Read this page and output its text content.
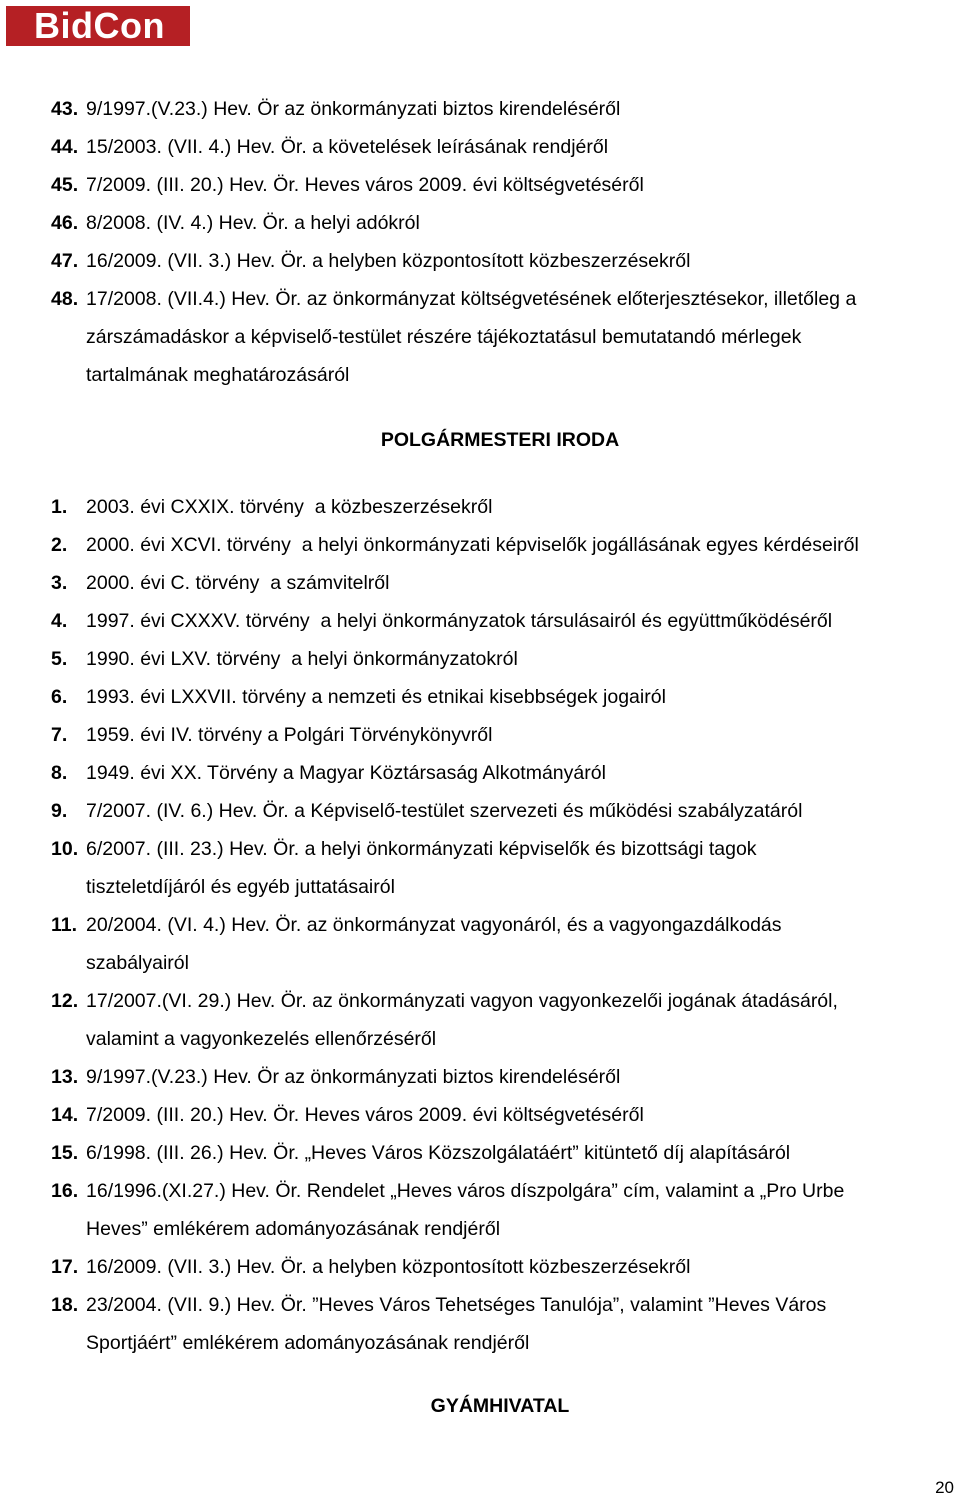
BidCon
43. 9/1997.(V.23.) Hev. Ör az önkormányzati biztos kirendeléséről
44. 15/2003. (VII. 4.) Hev. Ör. a követelések leírásának rendjéről
45. 7/2009. (III. 20.) Hev. Ör. Heves város 2009. évi költségvetéséről
46. 8/2008. (IV. 4.) Hev. Ör. a helyi adókról
47. 16/2009. (VII. 3.) Hev. Ör. a helyben központosított közbeszerzésekről
48. 17/2008. (VII.4.) Hev. Ör. az önkormányzat költségvetésének előterjesztésekor, illetőleg a
zárszámadáskor a képviselő-testület részére tájékoztatásul bemutatandó mérlegek
tartalmának meghatározásáról
POLGÁRMESTERI IRODA
1. 2003. évi CXXIX. törvény  a közbeszerzésekről
2. 2000. évi XCVI. törvény  a helyi önkormányzati képviselők jogállásának egyes kérdéseiről
3. 2000. évi C. törvény  a számvitelről
4. 1997. évi CXXXV. törvény  a helyi önkormányzatok társulásairól és együttműködéséről
5. 1990. évi LXV. törvény  a helyi önkormányzatokról
6. 1993. évi LXXVII. törvény a nemzeti és etnikai kisebbségek jogairól
7. 1959. évi IV. törvény a Polgári Törvénykönyvről
8. 1949. évi XX. Törvény a Magyar Köztársaság Alkotmányáról
9. 7/2007. (IV. 6.) Hev. Ör. a Képviselő-testület szervezeti és működési szabályzatáról
10. 6/2007. (III. 23.) Hev. Ör. a helyi önkormányzati képviselők és bizottsági tagok
tiszteletdíjáról és egyéb juttatásairól
11. 20/2004. (VI. 4.) Hev. Ör. az önkormányzat vagyonáról, és a vagyongazdálkodás
szabályairól
12. 17/2007.(VI. 29.) Hev. Ör. az önkormányzati vagyon vagyonkezelői jogának átadásáról,
valamint a vagyonkezelés ellenőrzéséről
13. 9/1997.(V.23.) Hev. Ör az önkormányzati biztos kirendeléséről
14. 7/2009. (III. 20.) Hev. Ör. Heves város 2009. évi költségvetéséről
15. 6/1998. (III. 26.) Hev. Ör. „Heves Város Közszolgálatáért” kitüntető díj alapításáról
16. 16/1996.(XI.27.) Hev. Ör. Rendelet „Heves város díszpolgára” cím, valamint a „Pro Urbe
Heves” emlékérem adományozásának rendjéről
17. 16/2009. (VII. 3.) Hev. Ör. a helyben központosított közbeszerzésekről
18. 23/2004. (VII. 9.) Hev. Ör. ”Heves Város Tehetséges Tanulója”, valamint ”Heves Város
Sportjáért” emlékérem adományozásának rendjéről
GYÁMHIVATAL
20
